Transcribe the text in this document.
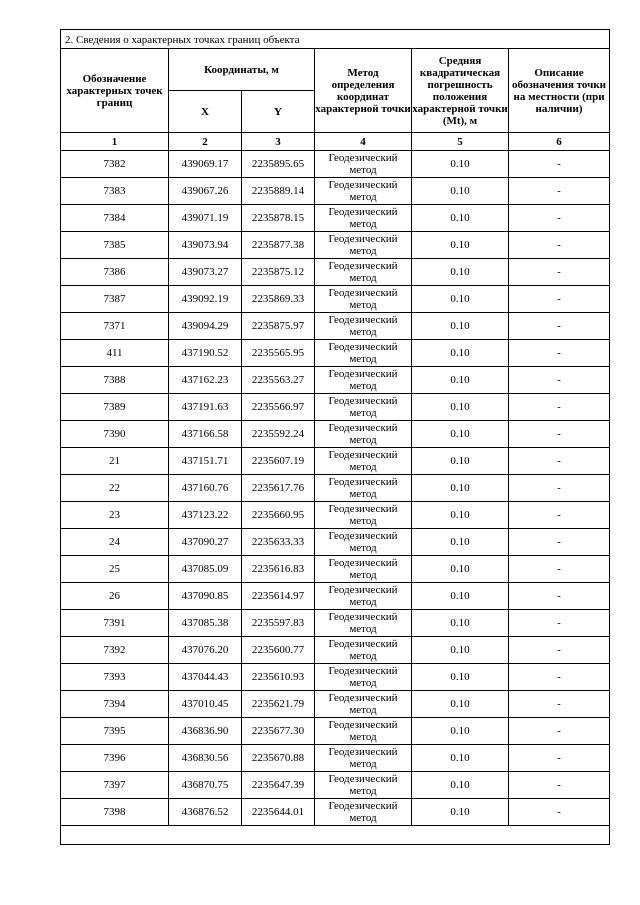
2. Сведения о характерных точках границ объекта					
Обозначение характерных точек границ	Координаты, м		Метод определения координат характерной точки	Средняя квадратическая погрешность положения характерной точки (Mt), м	Описание обозначения точки на местности (при наличии)
	X	Y			
1	2	3	4	5	6
7382	439069.17	2235895.65	Геодезический метод	0.10	-
7383	439067.26	2235889.14	Геодезический метод	0.10	-
7384	439071.19	2235878.15	Геодезический метод	0.10	-
7385	439073.94	2235877.38	Геодезический метод	0.10	-
7386	439073.27	2235875.12	Геодезический метод	0.10	-
7387	439092.19	2235869.33	Геодезический метод	0.10	-
7371	439094.29	2235875.97	Геодезический метод	0.10	-
411	437190.52	2235565.95	Геодезический метод	0.10	-
7388	437162.23	2235563.27	Геодезический метод	0.10	-
7389	437191.63	2235566.97	Геодезический метод	0.10	-
7390	437166.58	2235592.24	Геодезический метод	0.10	-
21	437151.71	2235607.19	Геодезический метод	0.10	-
22	437160.76	2235617.76	Геодезический метод	0.10	-
23	437123.22	2235660.95	Геодезический метод	0.10	-
24	437090.27	2235633.33	Геодезический метод	0.10	-
25	437085.09	2235616.83	Геодезический метод	0.10	-
26	437090.85	2235614.97	Геодезический метод	0.10	-
7391	437085.38	2235597.83	Геодезический метод	0.10	-
7392	437076.20	2235600.77	Геодезический метод	0.10	-
7393	437044.43	2235610.93	Геодезический метод	0.10	-
7394	437010.45	2235621.79	Геодезический метод	0.10	-
7395	436836.90	2235677.30	Геодезический метод	0.10	-
7396	436830.56	2235670.88	Геодезический метод	0.10	-
7397	436870.75	2235647.39	Геодезический метод	0.10	-
7398	436876.52	2235644.01	Геодезический метод	0.10	-
